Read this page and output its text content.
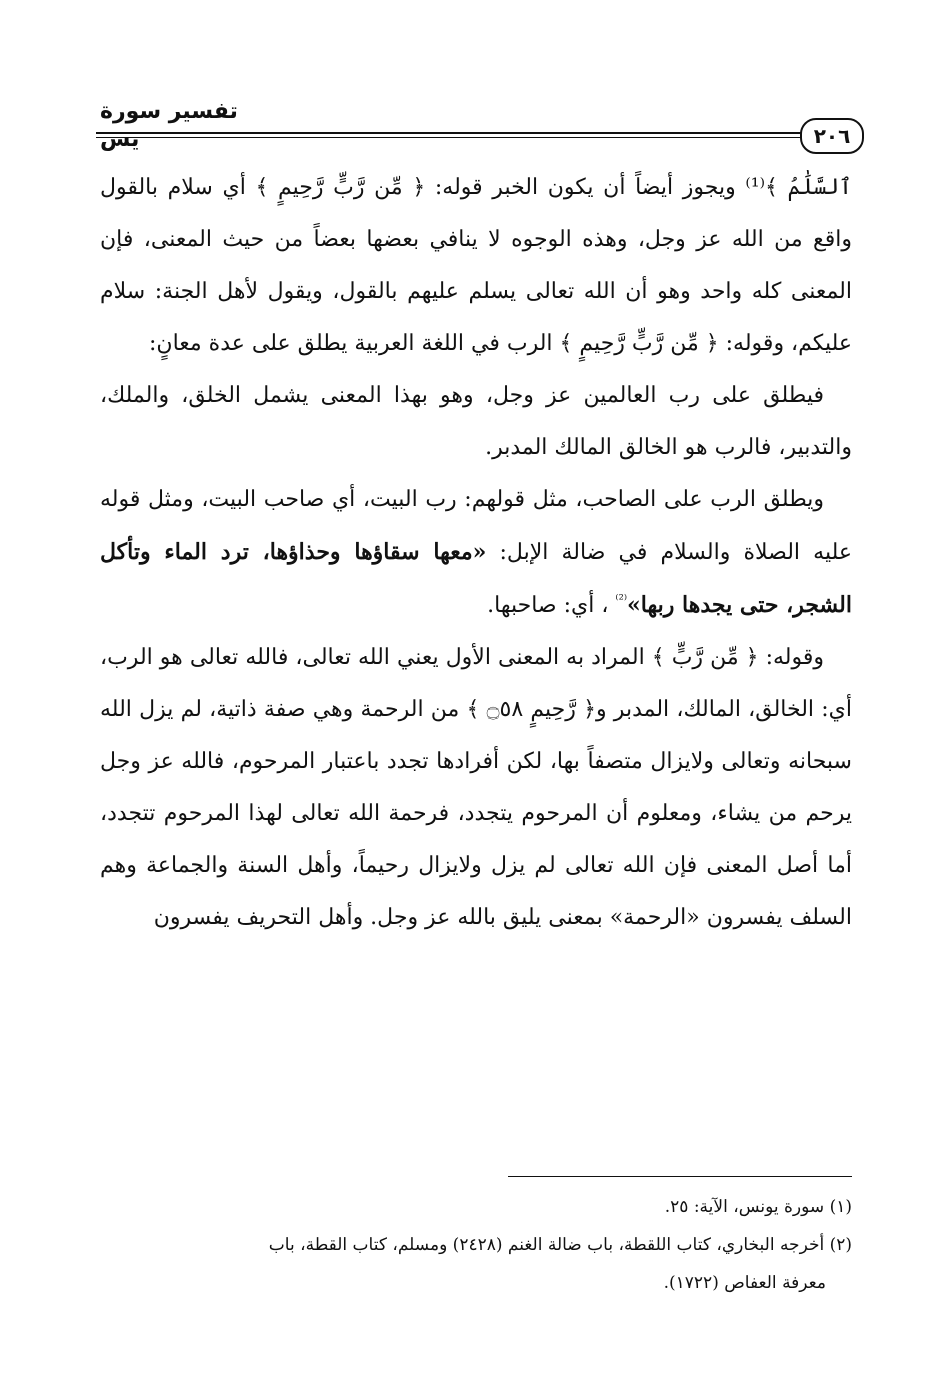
تفسير سورة يس	٢٠٦

ٱلسَّلَٰمُ ﴾⁽¹⁾ ويجوز أيضاً أن يكون الخبر قوله: ﴿ مِّن رَّبٍّ رَّحِيمٍ ﴾ أي سلام بالقول واقع من الله عز وجل، وهذه الوجوه لا ينافي بعضها بعضاً من حيث المعنى، فإن المعنى كله واحد وهو أن الله تعالى يسلم عليهم بالقول، ويقول لأهل الجنة: سلام عليكم، وقوله: ﴿ مِّن رَّبٍّ رَّحِيمٍ ﴾ الرب في اللغة العربية يطلق على عدة معانٍ:

فيطلق على رب العالمين عز وجل، وهو بهذا المعنى يشمل الخلق، والملك، والتدبير، فالرب هو الخالق المالك المدبر.

ويطلق الرب على الصاحب، مثل قولهم: رب البيت، أي صاحب البيت، ومثل قوله عليه الصلاة والسلام في ضالة الإبل: «معها سقاؤها وحذاؤها، ترد الماء وتأكل الشجر، حتى يجدها ربها»$^{^{(2)}}$ ، أي: صاحبها.

وقوله: ﴿ مِّن رَّبٍّ ﴾ المراد به المعنى الأول يعني الله تعالى، فالله تعالى هو الرب، أي: الخالق، المالك، المدبر و﴿ رَّحِيمٍ ۝٥٨ ﴾ من الرحمة وهي صفة ذاتية، لم يزل الله سبحانه وتعالى ولايزال متصفاً بها، لكن أفرادها تجدد باعتبار المرحوم، فالله عز وجل يرحم من يشاء، ومعلوم أن المرحوم يتجدد، فرحمة الله تعالى لهذا المرحوم تتجدد، أما أصل المعنى فإن الله تعالى لم يزل ولايزال رحيماً، وأهل السنة والجماعة وهم السلف يفسرون «الرحمة» بمعنى يليق بالله عز وجل. وأهل التحريف يفسرون

(١) سورة يونس، الآية: ٢٥.

(٢) أخرجه البخاري، كتاب اللقطة، باب ضالة الغنم (٢٤٢٨) ومسلم، كتاب القطة، باب

معرفة العفاص (١٧٢٢).
